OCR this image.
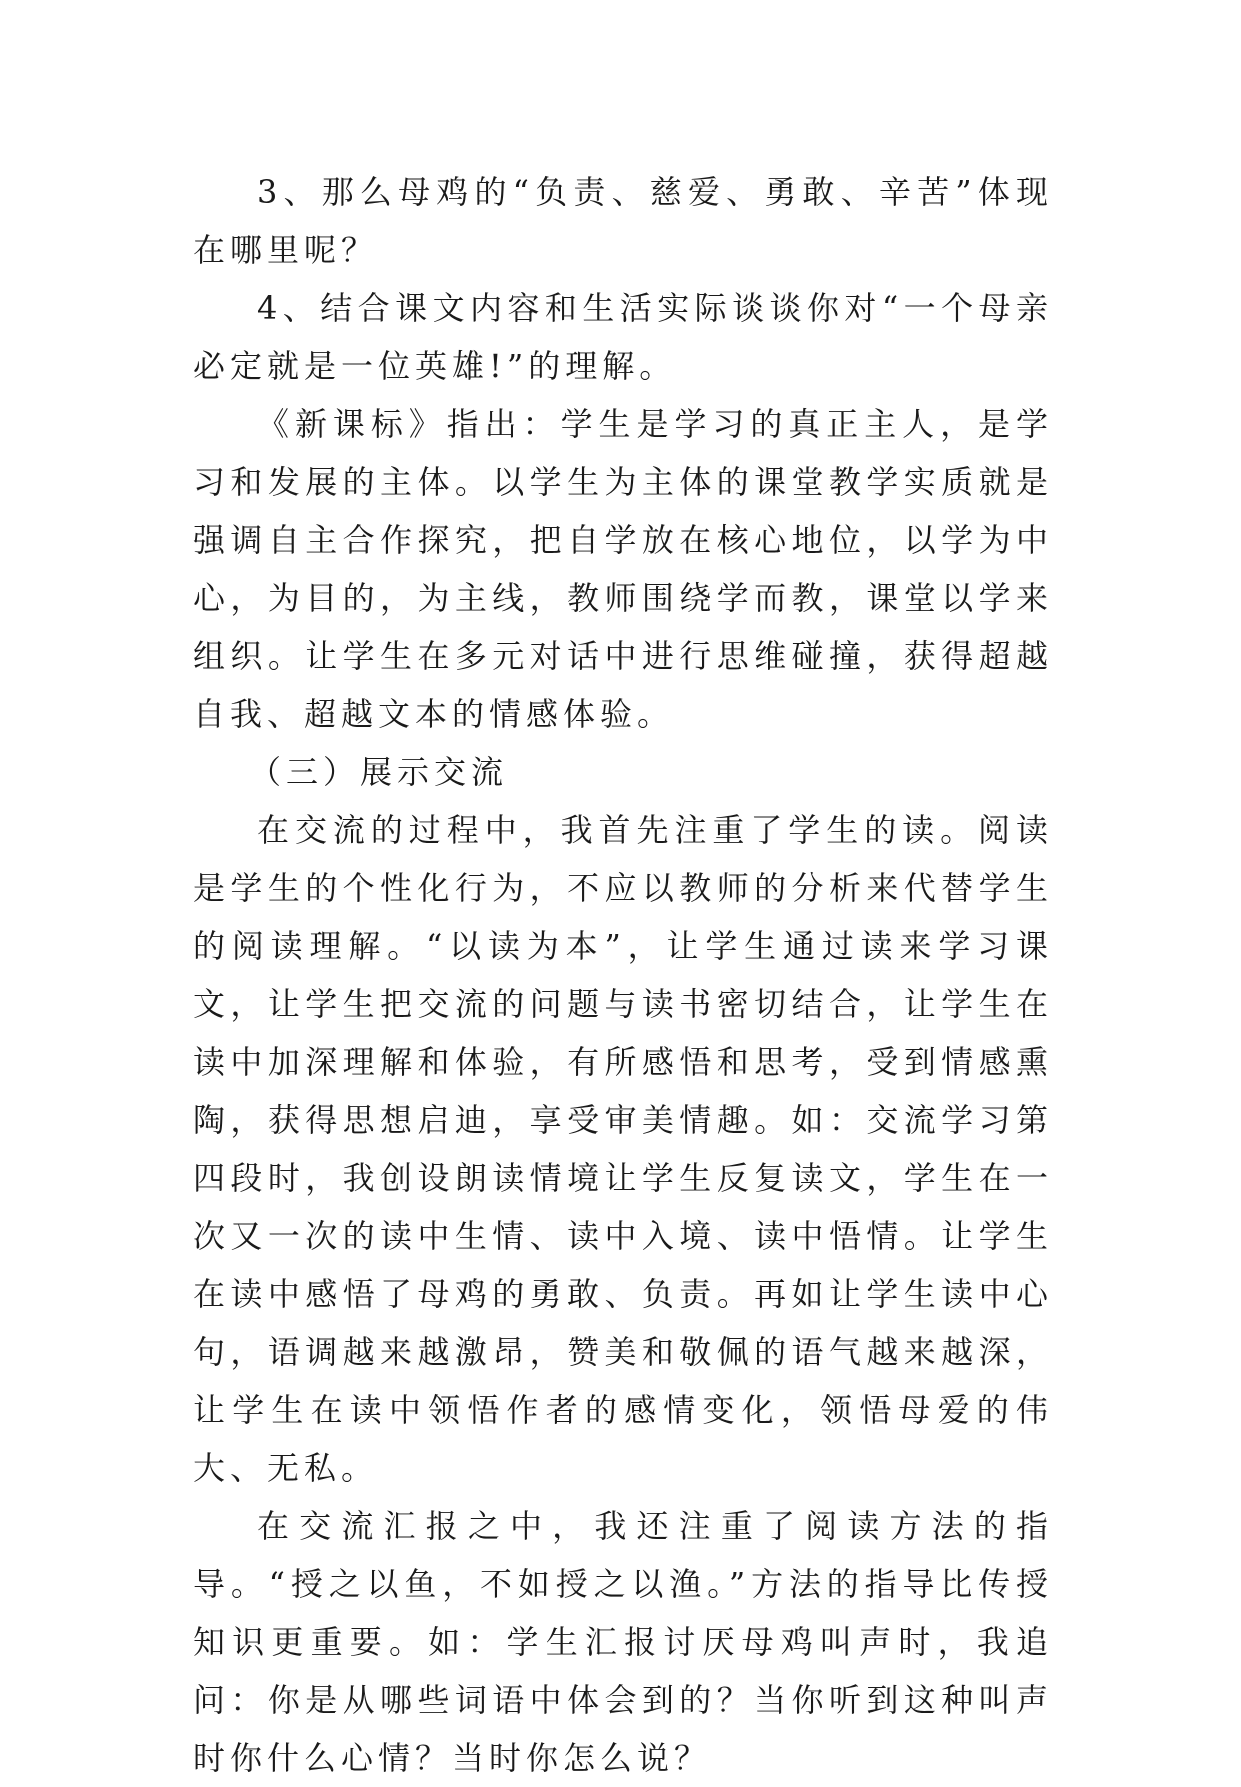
3、那么母鸡的“负责、慈爱、勇敢、辛苦”体现在哪里呢？

4、结合课文内容和生活实际谈谈你对“一个母亲必定就是一位英雄!”的理解。

《新课标》指出：学生是学习的真正主人，是学习和发展的主体。以学生为主体的课堂教学实质就是强调自主合作探究，把自学放在核心地位，以学为中心，为目的，为主线，教师围绕学而教，课堂以学来组织。让学生在多元对话中进行思维碰撞，获得超越自我、超越文本的情感体验。

（三）展示交流

在交流的过程中，我首先注重了学生的读。阅读是学生的个性化行为，不应以教师的分析来代替学生的阅读理解。“以读为本”，让学生通过读来学习课文，让学生把交流的问题与读书密切结合，让学生在读中加深理解和体验，有所感悟和思考，受到情感熏陶，获得思想启迪，享受审美情趣。如：交流学习第四段时，我创设朗读情境让学生反复读文，学生在一次又一次的读中生情、读中入境、读中悟情。让学生在读中感悟了母鸡的勇敢、负责。再如让学生读中心句，语调越来越激昂，赞美和敬佩的语气越来越深，让学生在读中领悟作者的感情变化，领悟母爱的伟大、无私。

在交流汇报之中，我还注重了阅读方法的指导。“授之以鱼，不如授之以渔。”方法的指导比传授知识更重要。如：学生汇报讨厌母鸡叫声时，我追问：你是从哪些词语中体会到的？当你听到这种叫声时你什么心情？当时你怎么说？
